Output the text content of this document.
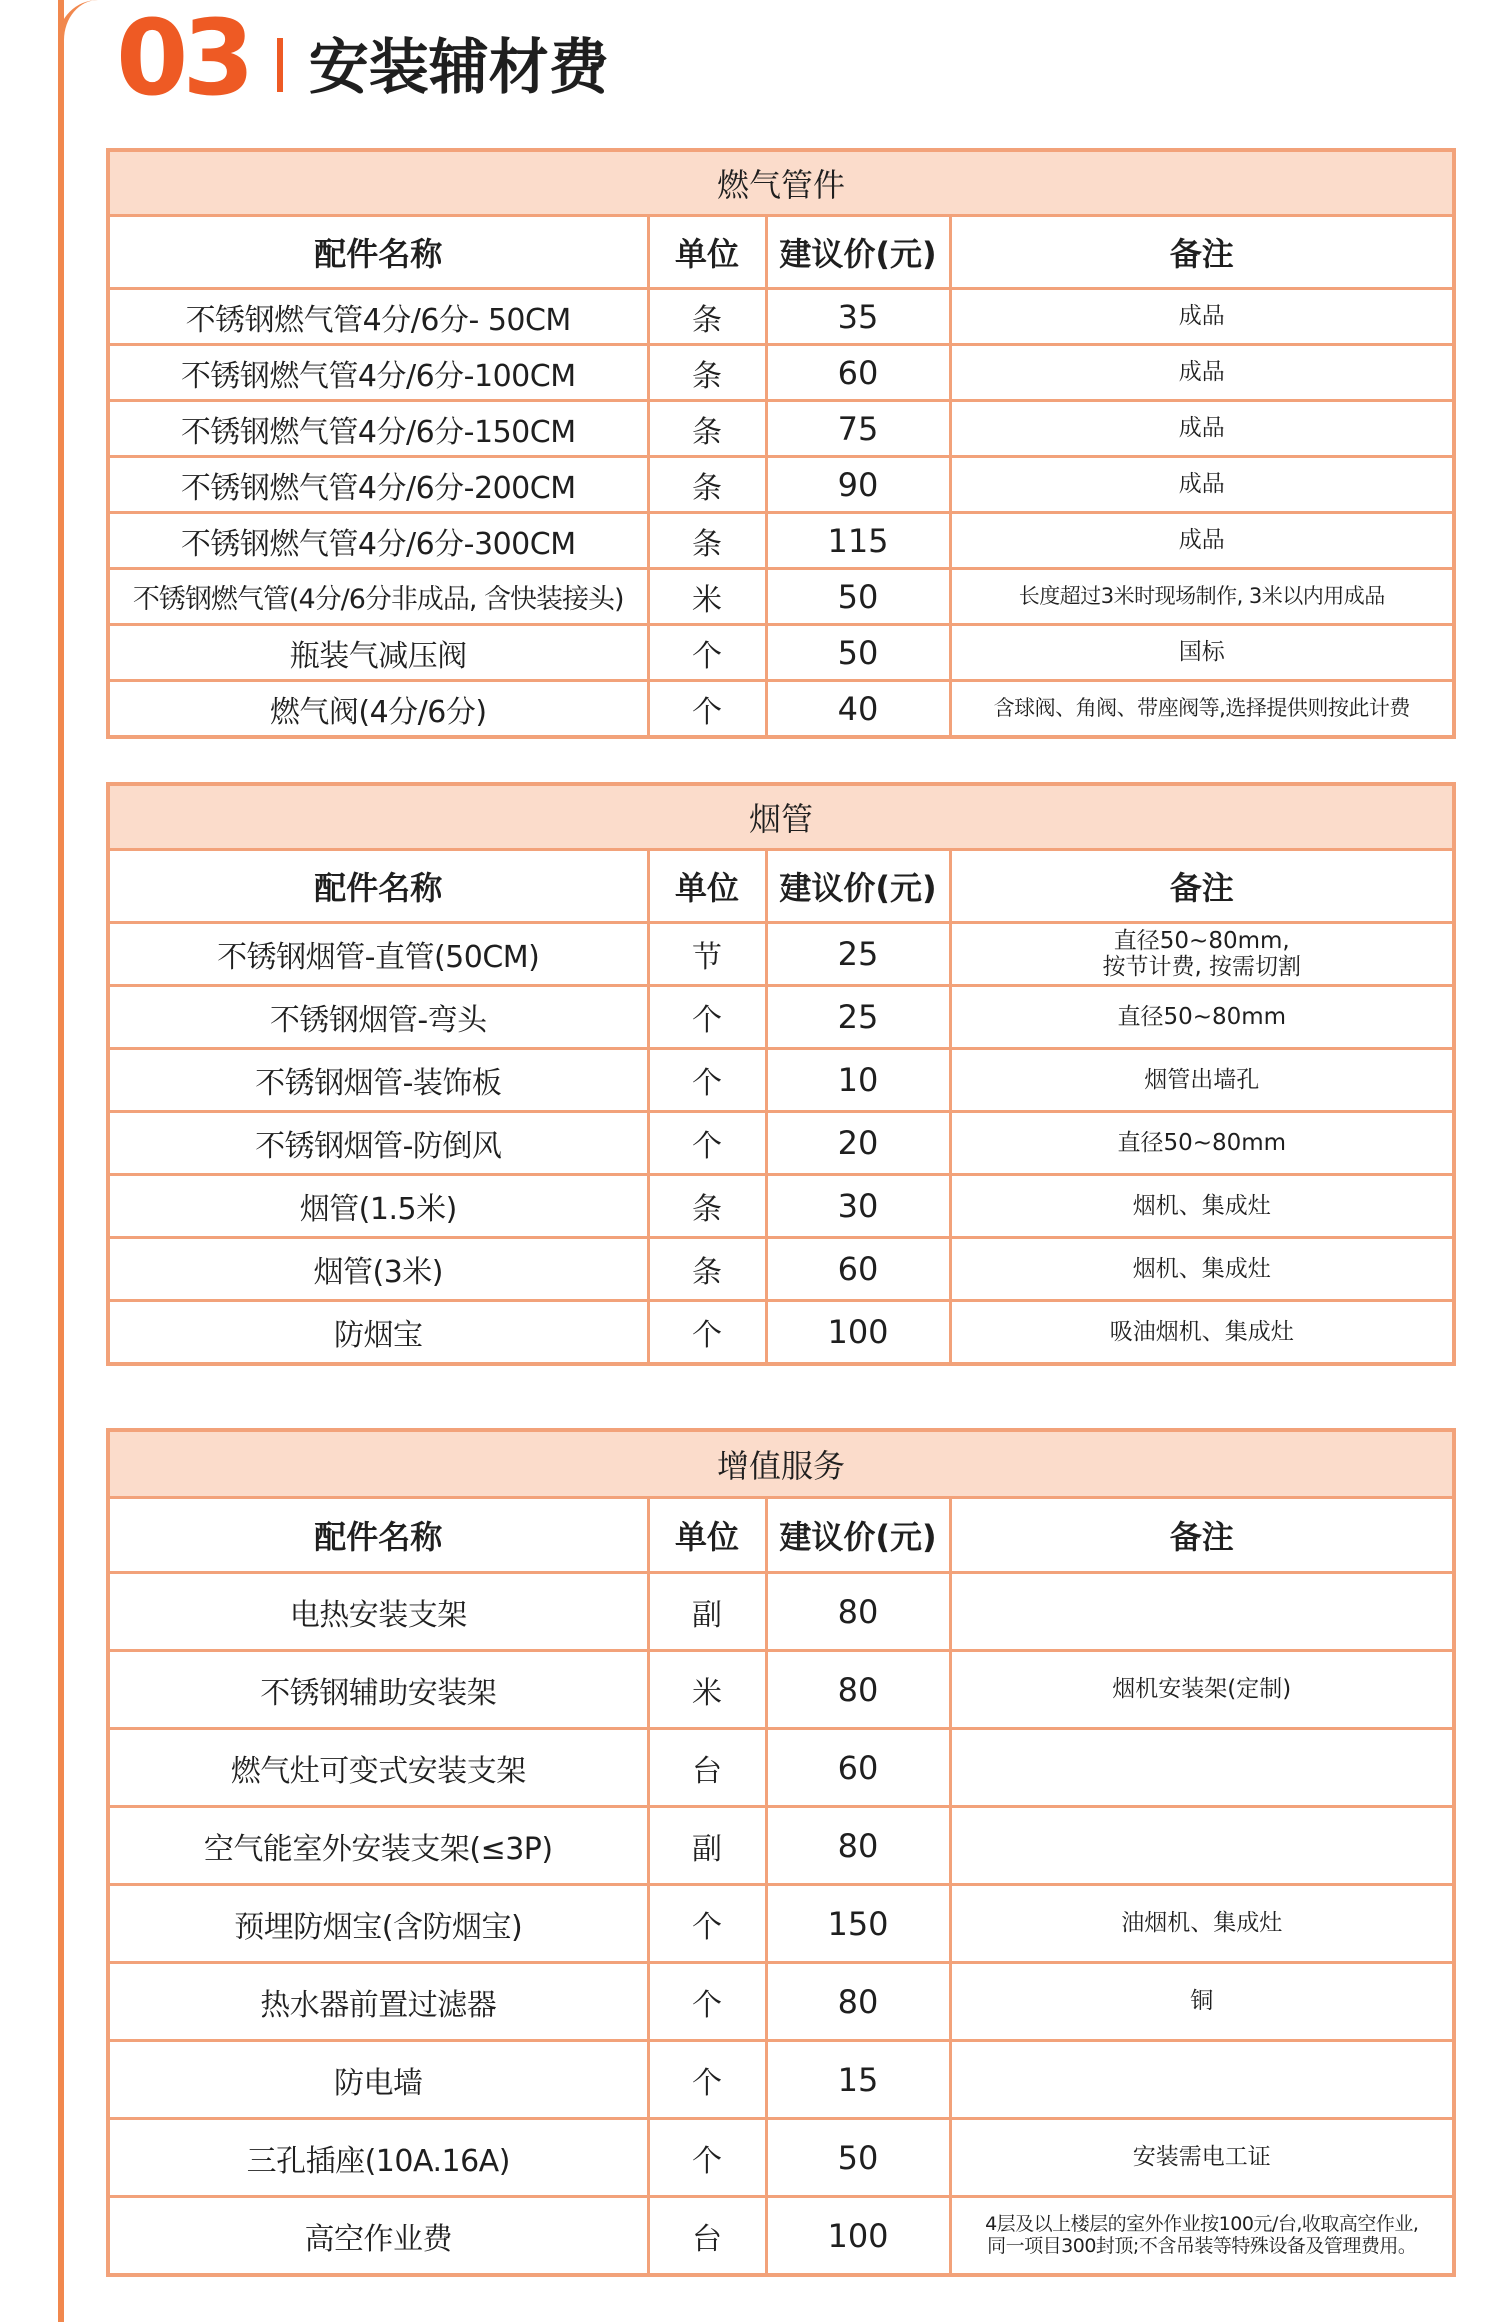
03 安装辅材费
燃气管件			
配件名称	单位	建议价(元)	备注
不锈钢燃气管4分/6分- 50CM	条	35	成品
不锈钢燃气管4分/6分-100CM	条	60	成品
不锈钢燃气管4分/6分-150CM	条	75	成品
不锈钢燃气管4分/6分-200CM	条	90	成品
不锈钢燃气管4分/6分-300CM	条	115	成品
不锈钢燃气管(4分/6分非成品, 含快装接头)	米	50	长度超过3米时现场制作, 3米以内用成品
瓶装气减压阀	个	50	国标
燃气阀(4分/6分)	个	40	含球阀、角阀、带座阀等,选择提供则按此计费
烟管			
配件名称	单位	建议价(元)	备注
不锈钢烟管-直管(50CM)	节	25	直径50~80mm,
按节计费, 按需切割

不锈钢烟管-弯头	个	25	直径50~80mm
不锈钢烟管-装饰板	个	10	烟管出墙孔
不锈钢烟管-防倒风	个	20	直径50~80mm
烟管(1.5米)	条	30	烟机、集成灶
烟管(3米)	条	60	烟机、集成灶
防烟宝	个	100	吸油烟机、集成灶
增值服务			
配件名称	单位	建议价(元)	备注
电热安装支架	副	80	
不锈钢辅助安装架	米	80	烟机安装架(定制)
燃气灶可变式安装支架	台	60	
空气能室外安装支架(≤3P)	副	80	
预埋防烟宝(含防烟宝)	个	150	油烟机、集成灶
热水器前置过滤器	个	80	铜
防电墙	个	15	
三孔插座(10A.16A)	个	50	安装需电工证
高空作业费	台	100	4层及以上楼层的室外作业按100元/台,收取高空作业,
同一项目300封顶;不含吊装等特殊设备及管理费用。
